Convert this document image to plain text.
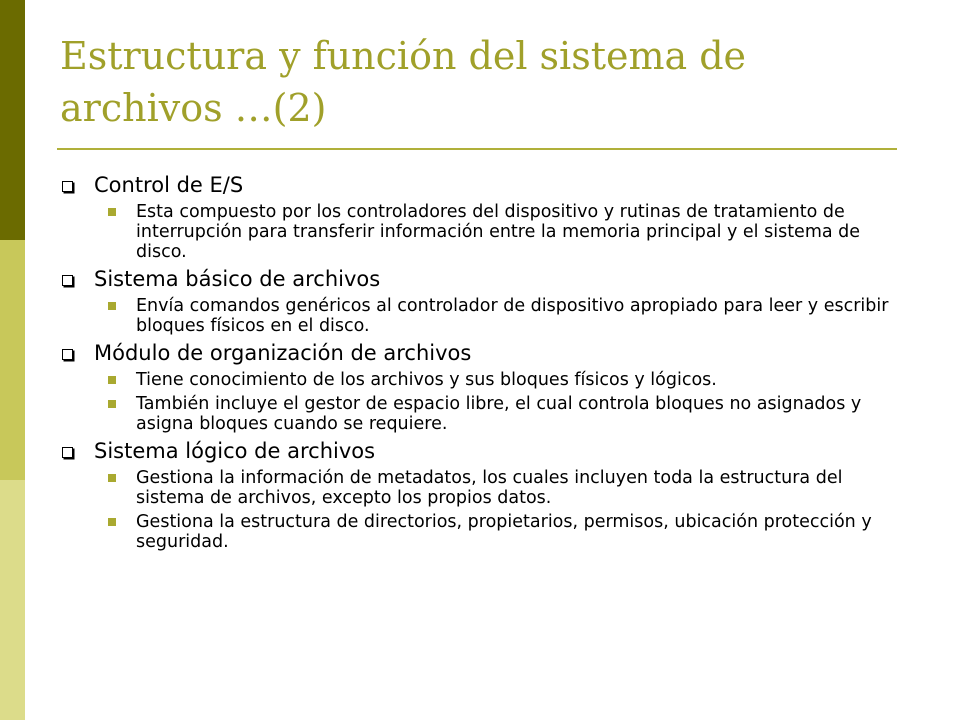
Estructura y función del sistema de archivos …(2)
Control de E/S
Esta compuesto por los controladores del dispositivo y rutinas de tratamiento de interrupción para transferir información entre la memoria principal y el sistema de disco.
Sistema básico de archivos
Envía comandos genéricos al controlador de dispositivo apropiado para leer y escribir bloques físicos en el disco.
Módulo de organización de archivos
Tiene conocimiento de los archivos y sus bloques físicos y lógicos.
También incluye el gestor de espacio libre, el cual controla bloques no asignados y asigna bloques cuando se requiere.
Sistema lógico de archivos
Gestiona la información de metadatos, los cuales incluyen toda la estructura del sistema de archivos, excepto los propios datos.
Gestiona la estructura de directorios, propietarios, permisos, ubicación protección y seguridad.
